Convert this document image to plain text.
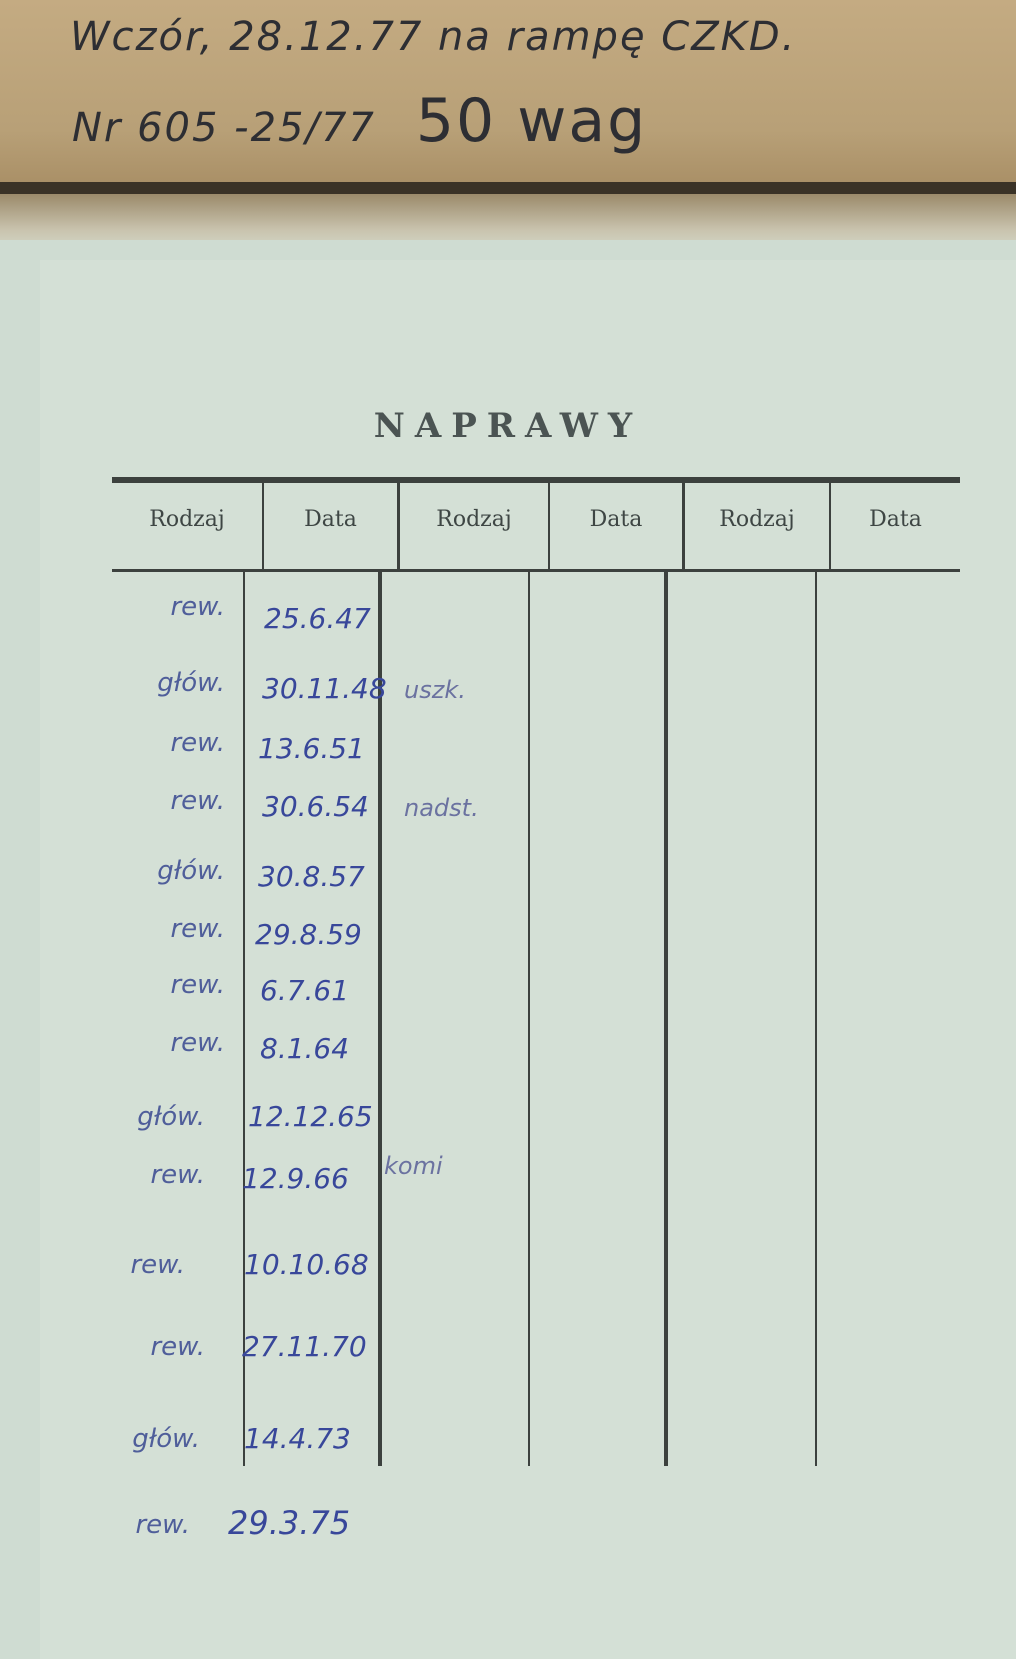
Wczór, 28.12.77 na rampę CZKD.
Nr 605 -25/77 50 wag
NAPRAWY
Rodzaj	Data	Rodzaj	Data	Rodzaj	Data
rew. 25.6.47
głów. 30.11.48 uszk.
rew. 13.6.51
rew. 30.6.54 nadst.
głów. 30.8.57
rew. 29.8.59
rew. 6.7.61
rew. 8.1.64
głów. 12.12.65
rew. 12.9.66 komi
rew. 10.10.68
rew. 27.11.70
głów. 14.4.73
rew. 29.3.75
